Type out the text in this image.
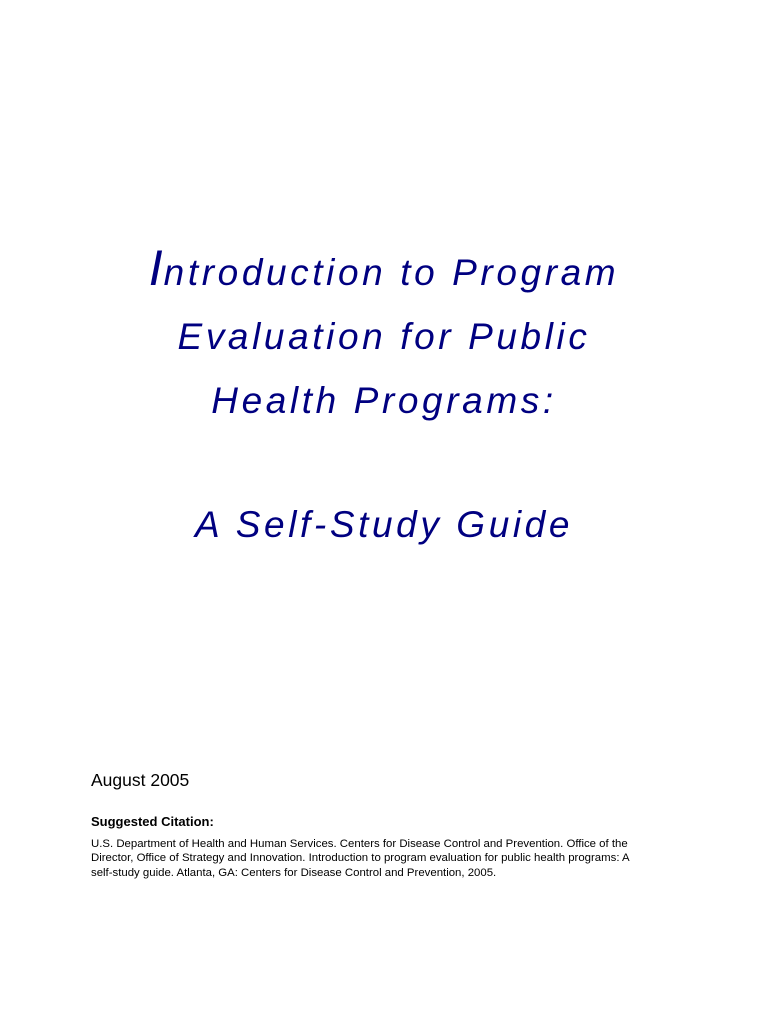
Introduction to Program
Evaluation for Public
Health Programs:
A Self-Study Guide
August 2005
Suggested Citation:
U.S. Department of Health and Human Services. Centers for Disease Control and Prevention. Office of the
Director, Office of Strategy and Innovation. Introduction to program evaluation for public health programs: A
self-study guide. Atlanta, GA: Centers for Disease Control and Prevention, 2005.
